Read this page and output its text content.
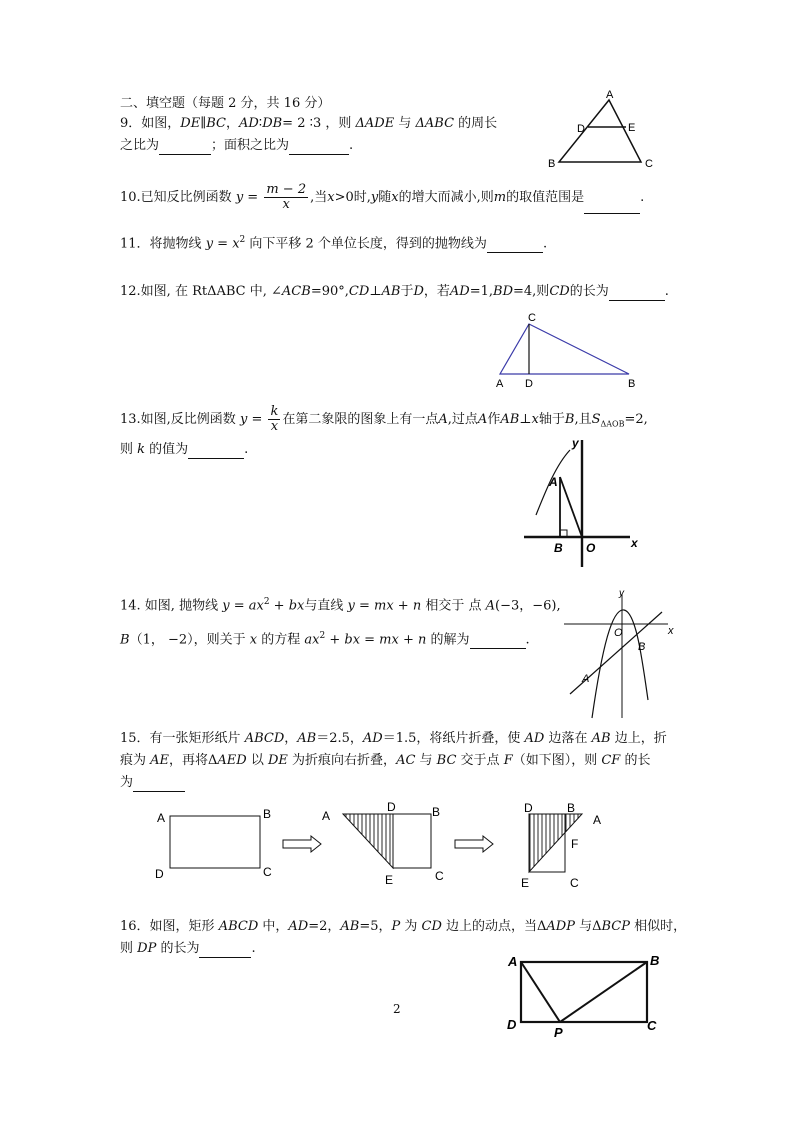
二、填空题（每题 2 分，共 16 分）
9．如图，DE∥BC，AD∶DB= 2 ∶3 ，则 ΔADE 与 ΔABC 的周长
之比为	；面积之比为	.
A
D	E
B	C
10.已知反比例函数 $y = \frac{m - 2}{x}$ ,当x>0时,y随x的增大而减小,则m的取值范围是	.
11．将抛物线 $y = x^2$ 向下平移 2 个单位长度，得到的抛物线为	.
12.如图, 在 RtΔABC 中, ∠ACB=90°,CD⊥AB于D，若AD=1,BD=4,则CD的长为	.
C
A D	B
13.如图,反比例函数 $y = \frac{k}{x}$ 在第二象限的图象上有一点A,过点A作AB⊥x轴于B,且$S_{\Delta AOB}=2$,
则 k 的值为	.
A
B O	x
y
14. 如图, 抛物线 $y = ax^2$ + bx与直线 y = mx + n 相交于 点 A(−3，−6),
B（1， −2），则关于 x 的方程 $ax^2$ + bx = mx + n 的解为	.
y
x
O
B
A
15．有一张矩形纸片 ABCD，AB＝2.5，AD＝1.5，将纸片折叠，使 AD 边落在 AB 边上，折
痕为 AE，再将ΔAED 以 DE 为折痕向右折叠，AC 与 BC 交于点 F（如下图），则 CF 的长
为
A	B
D	C
A
D	B
E	C
D	B
A
F
E	C
16．如图，矩形 ABCD 中，AD=2，AB=5，P 为 CD 边上的动点，当ΔADP 与ΔBCP 相似时，
则 DP 的长为	.
A	B
D
P	C
2
